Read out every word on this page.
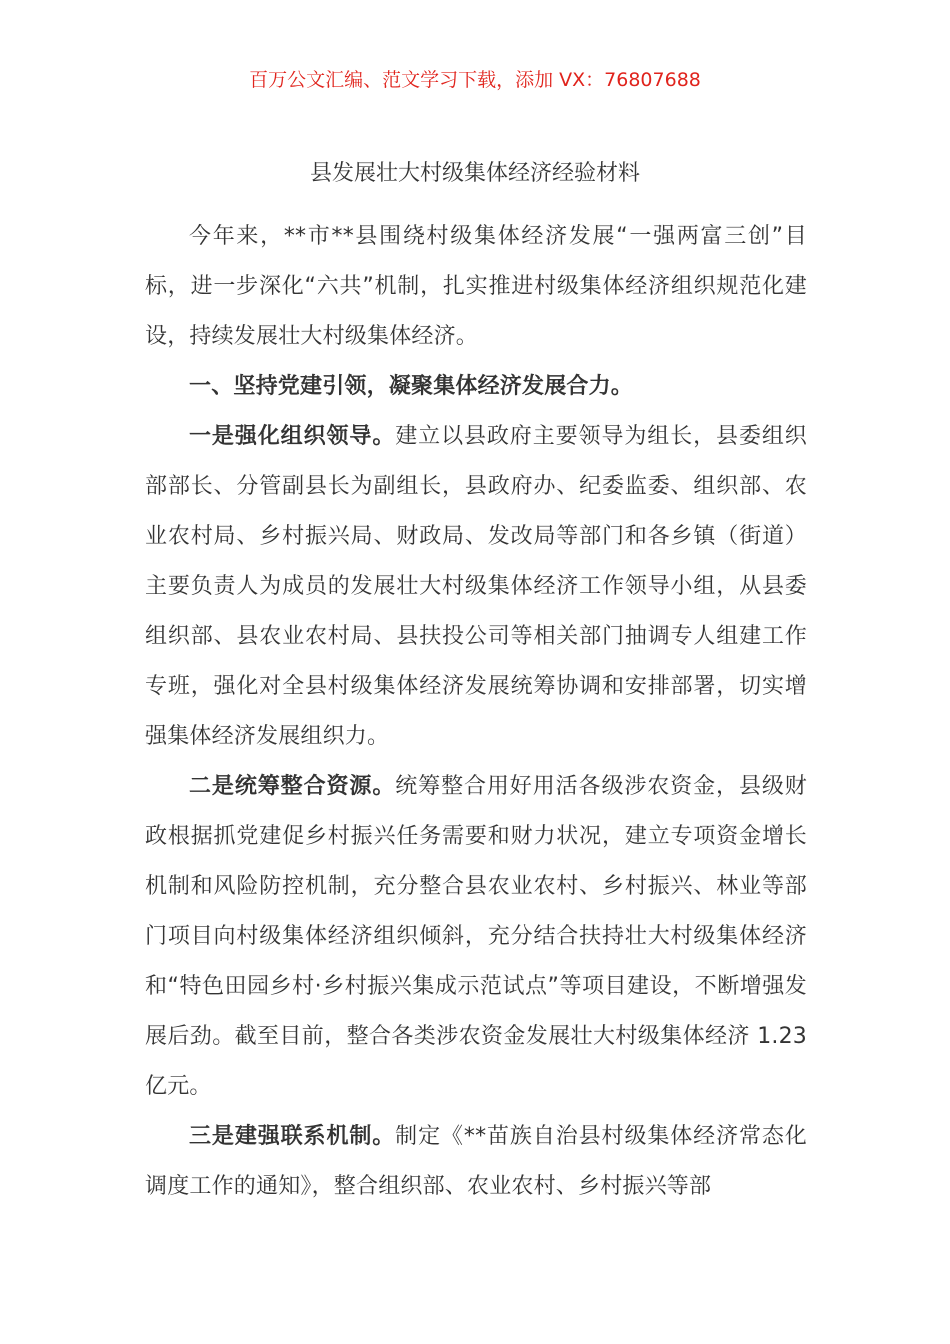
百万公文汇编、范文学习下载，添加 VX：76807688
县发展壮大村级集体经济经验材料

今年来，**市**县围绕村级集体经济发展“一强两富三创”目标，进一步深化“六共”机制，扎实推进村级集体经济组织规范化建设，持续发展壮大村级集体经济。

一、坚持党建引领，凝聚集体经济发展合力。

一是强化组织领导。建立以县政府主要领导为组长，县委组织部部长、分管副县长为副组长，县政府办、纪委监委、组织部、农业农村局、乡村振兴局、财政局、发改局等部门和各乡镇（街道）主要负责人为成员的发展壮大村级集体经济工作领导小组，从县委组织部、县农业农村局、县扶投公司等相关部门抽调专人组建工作专班，强化对全县村级集体经济发展统筹协调和安排部署，切实增强集体经济发展组织力。

二是统筹整合资源。统筹整合用好用活各级涉农资金，县级财政根据抓党建促乡村振兴任务需要和财力状况，建立专项资金增长机制和风险防控机制，充分整合县农业农村、乡村振兴、林业等部门项目向村级集体经济组织倾斜，充分结合扶持壮大村级集体经济和“特色田园乡村·乡村振兴集成示范试点”等项目建设，不断增强发展后劲。截至目前，整合各类涉农资金发展壮大村级集体经济 1.23 亿元。

三是建强联系机制。制定《**苗族自治县村级集体经济常态化调度工作的通知》，整合组织部、农业农村、乡村振兴等部
